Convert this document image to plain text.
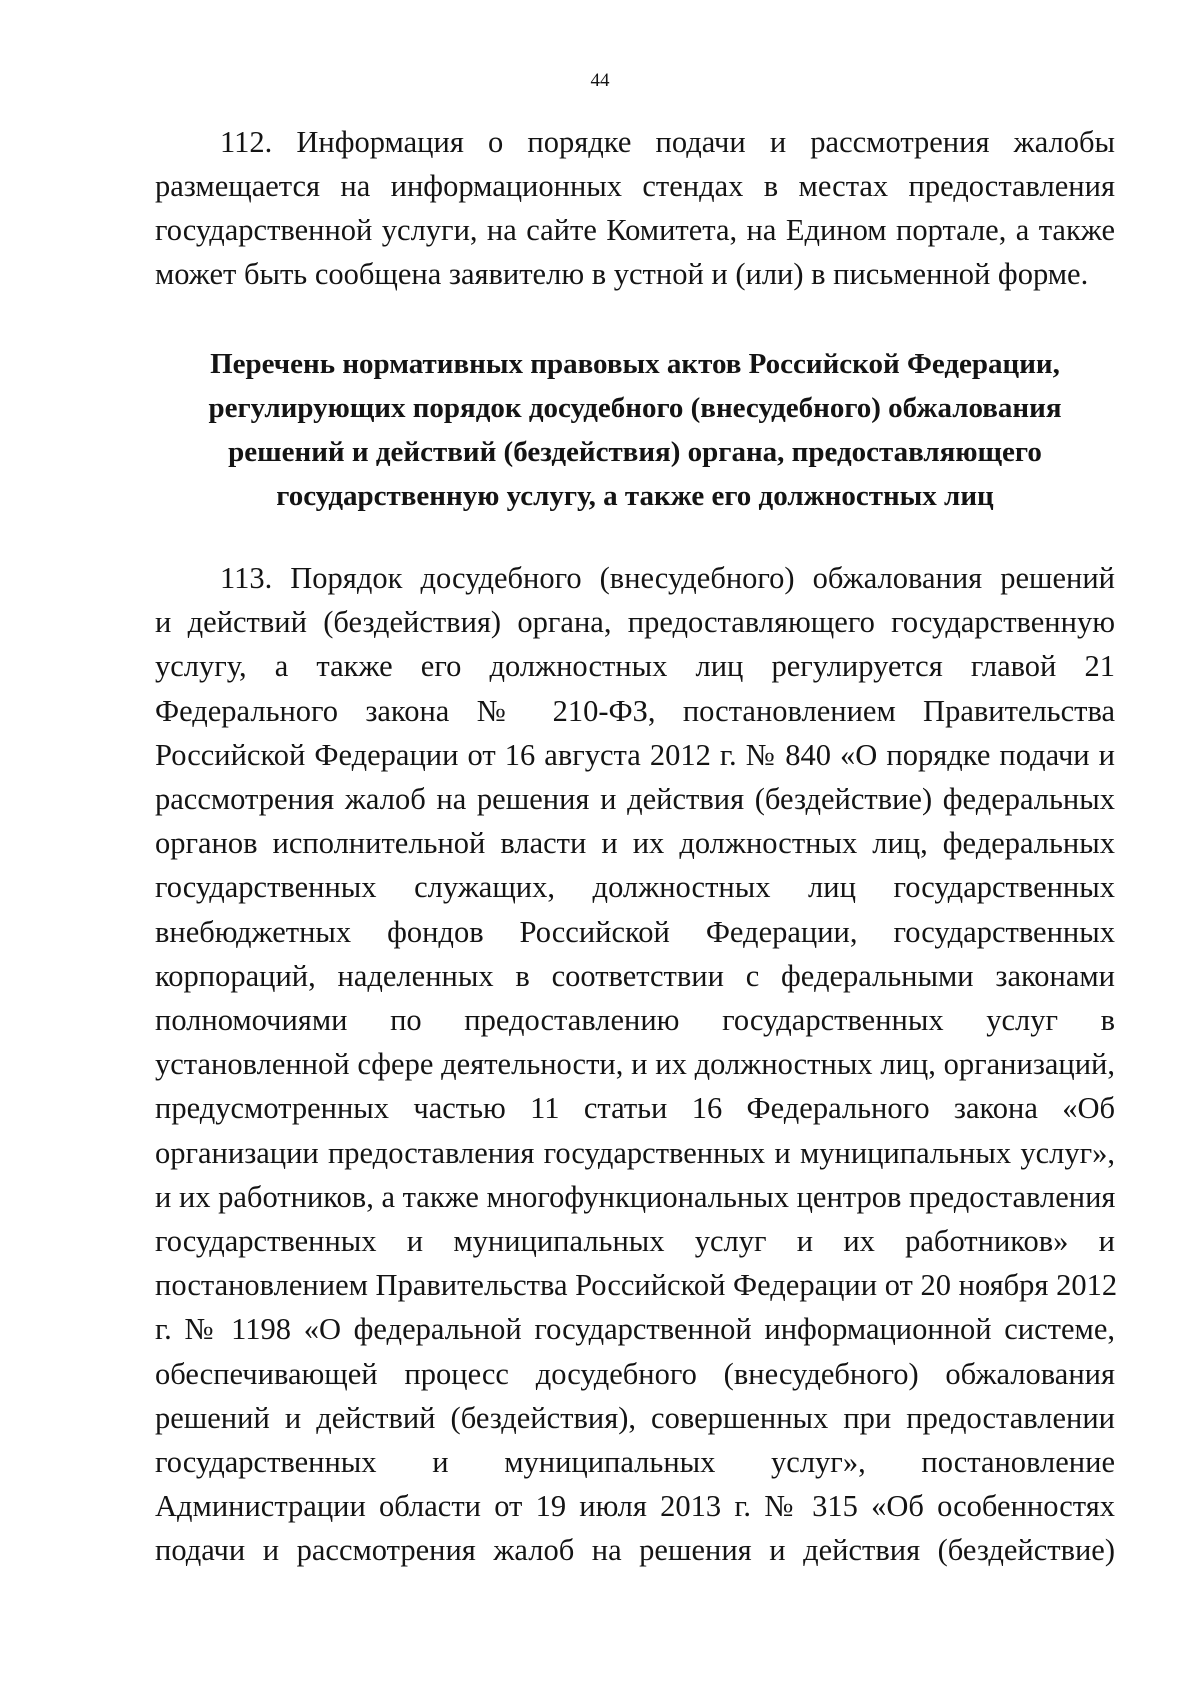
44
112. Информация о порядке подачи и рассмотрения жалобы
размещается на информационных стендах в местах предоставления
государственной услуги, на сайте Комитета, на Едином портале, а также
может быть сообщена заявителю в устной и (или) в письменной форме.
Перечень нормативных правовых актов Российской Федерации,
регулирующих порядок досудебного (внесудебного) обжалования
решений и действий (бездействия) органа, предоставляющего
государственную услугу, а также его должностных лиц
113. Порядок досудебного (внесудебного) обжалования решений
и действий (бездействия) органа, предоставляющего государственную
услугу, а также его должностных лиц регулируется главой 21
Федерального закона № 210-ФЗ, постановлением Правительства
Российской Федерации от 16 августа 2012 г. № 840 «О порядке подачи и
рассмотрения жалоб на решения и действия (бездействие) федеральных
органов исполнительной власти и их должностных лиц, федеральных
государственных служащих, должностных лиц государственных
внебюджетных фондов Российской Федерации, государственных
корпораций, наделенных в соответствии с федеральными законами
полномочиями по предоставлению государственных услуг в
установленной сфере деятельности, и их должностных лиц, организаций,
предусмотренных частью 11 статьи 16 Федерального закона «Об
организации предоставления государственных и муниципальных услуг»,
и их работников, а также многофункциональных центров предоставления
государственных и муниципальных услуг и их работников» и
постановлением Правительства Российской Федерации от 20 ноября 2012
г. № 1198 «О федеральной государственной информационной системе,
обеспечивающей процесс досудебного (внесудебного) обжалования
решений и действий (бездействия), совершенных при предоставлении
государственных и муниципальных услуг», постановление
Администрации области от 19 июля 2013 г. № 315 «Об особенностях
подачи и рассмотрения жалоб на решения и действия (бездействие)
